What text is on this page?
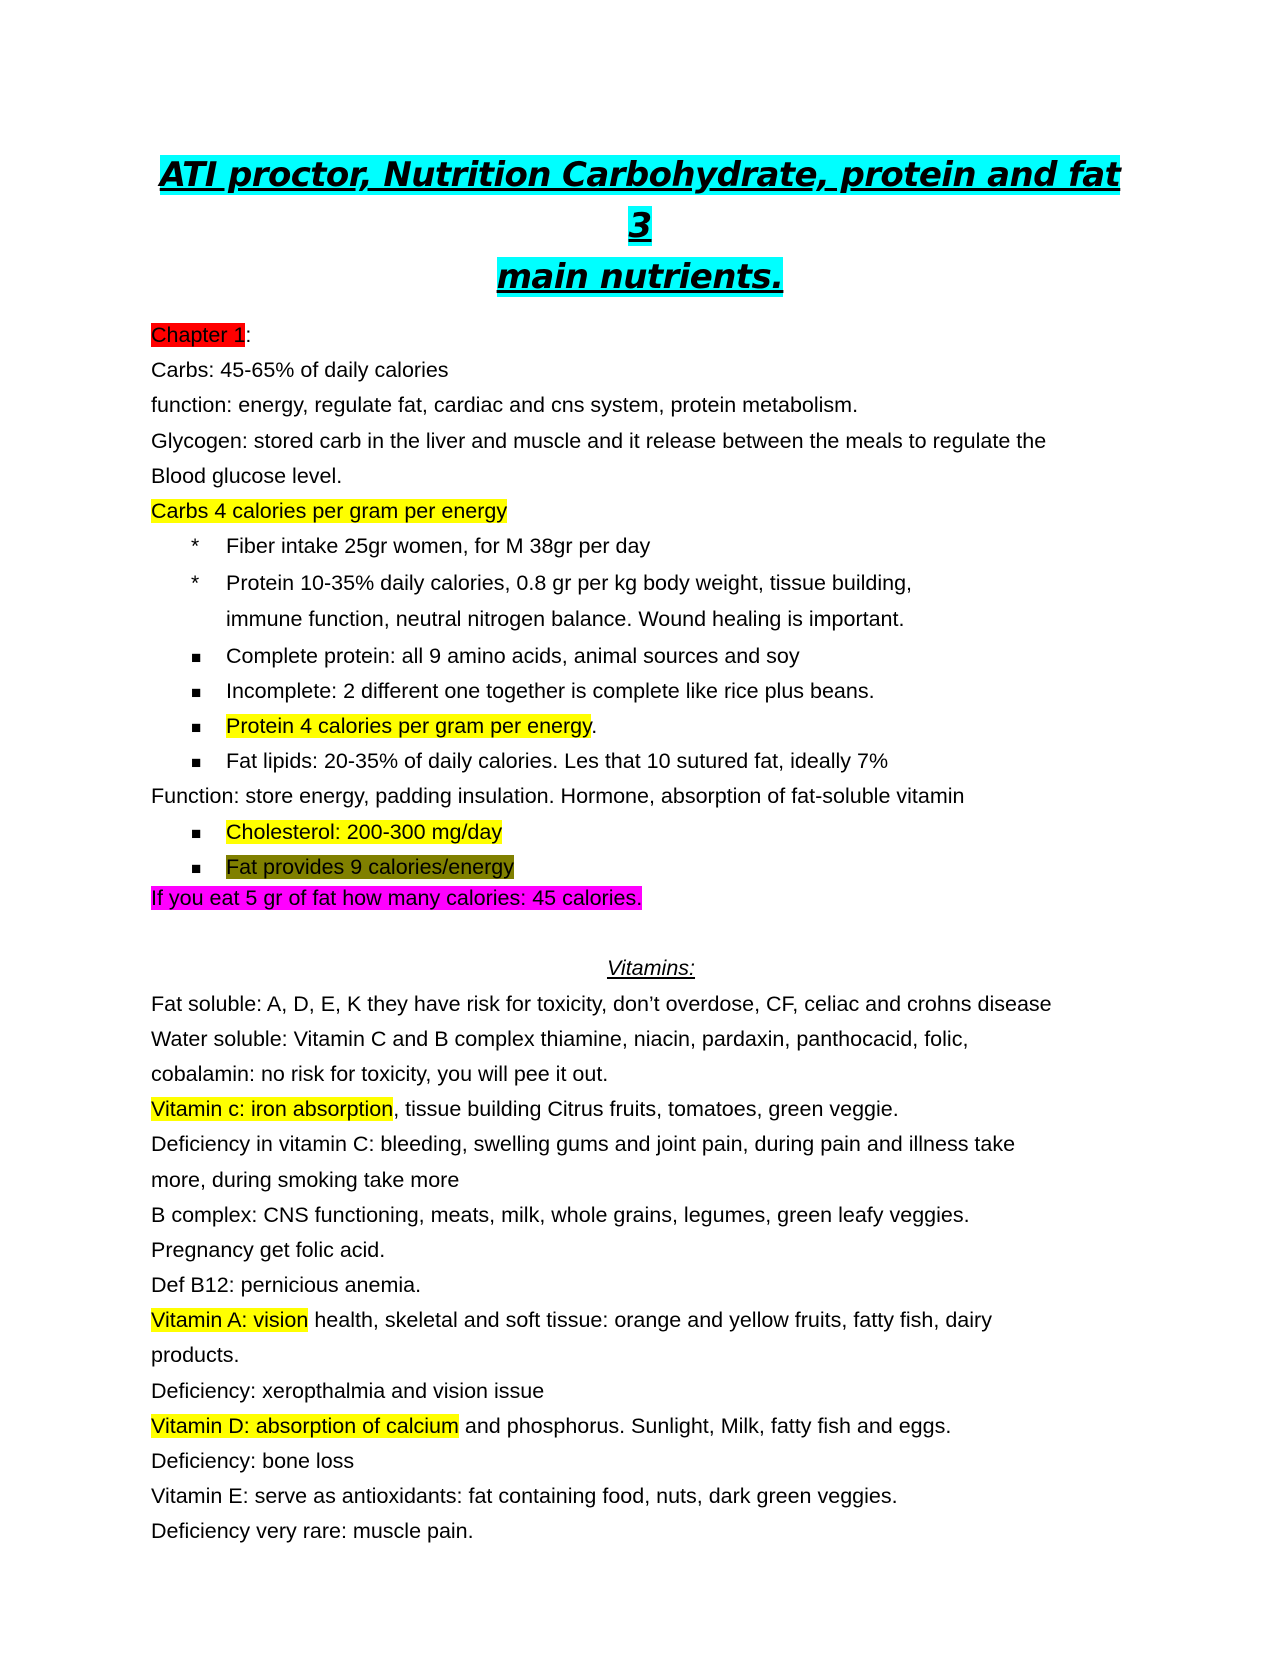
ATI proctor, Nutrition Carbohydrate, protein and fat 3
main nutrients.
Chapter 1:
Carbs: 45-65% of daily calories
function: energy, regulate fat, cardiac and cns system, protein metabolism.
Glycogen: stored carb in the liver and muscle and it release between the meals to regulate the
Blood glucose level.
Carbs 4 calories per gram per energy
* Fiber intake 25gr women, for M 38gr per day
* Protein 10-35% daily calories, 0.8 gr per kg body weight, tissue building,
immune function, neutral nitrogen balance. Wound healing is important.
■ Complete protein: all 9 amino acids, animal sources and soy
■ Incomplete: 2 different one together is complete like rice plus beans.
■ Protein 4 calories per gram per energy.
■ Fat lipids: 20-35% of daily calories. Les that 10 sutured fat, ideally 7%
Function: store energy, padding insulation. Hormone, absorption of fat-soluble vitamin
■ Cholesterol: 200-300 mg/day
■ Fat provides 9 calories/energy
If you eat 5 gr of fat how many calories: 45 calories.
Vitamins:
Fat soluble: A, D, E, K they have risk for toxicity, don’t overdose, CF, celiac and crohns disease
Water soluble: Vitamin C and B complex thiamine, niacin, pardaxin, panthocacid, folic,
cobalamin: no risk for toxicity, you will pee it out.
Vitamin c: iron absorption, tissue building Citrus fruits, tomatoes, green veggie.
Deficiency in vitamin C: bleeding, swelling gums and joint pain, during pain and illness take
more, during smoking take more
B complex: CNS functioning, meats, milk, whole grains, legumes, green leafy veggies.
Pregnancy get folic acid.
Def B12: pernicious anemia.
Vitamin A: vision health, skeletal and soft tissue: orange and yellow fruits, fatty fish, dairy
products.
Deficiency: xeropthalmia and vision issue
Vitamin D: absorption of calcium and phosphorus. Sunlight, Milk, fatty fish and eggs.
Deficiency: bone loss
Vitamin E: serve as antioxidants: fat containing food, nuts, dark green veggies.
Deficiency very rare: muscle pain.
